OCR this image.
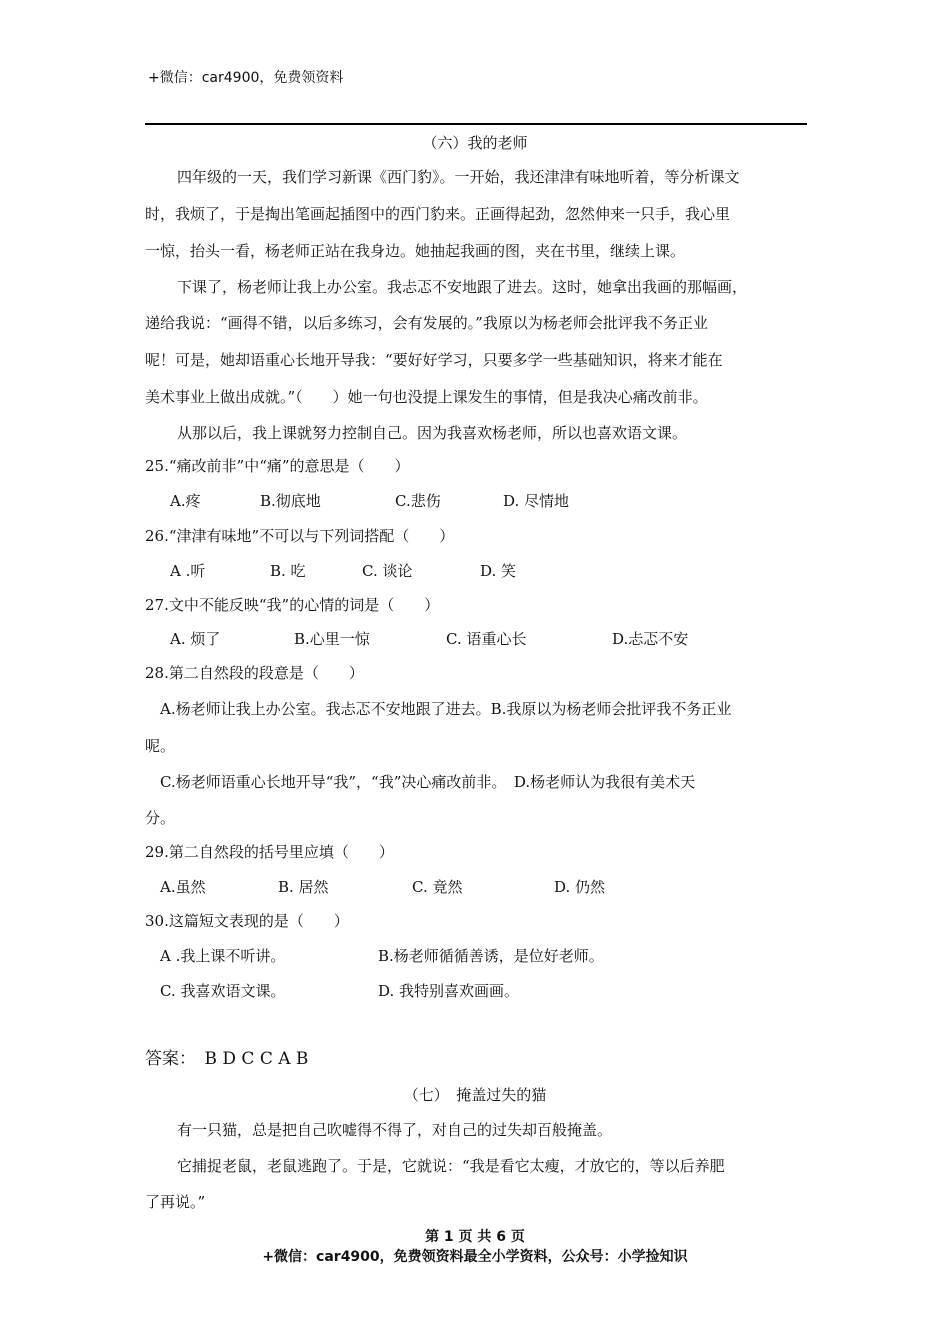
+微信：car4900，免费领资料
（六）我的老师
四年级的一天，我们学习新课《西门豹》。一开始，我还津津有味地听着，等分析课文
时，我烦了，于是掏出笔画起插图中的西门豹来。正画得起劲，忽然伸来一只手，我心里
一惊，抬头一看，杨老师正站在我身边。她抽起我画的图，夹在书里，继续上课。
下课了，杨老师让我上办公室。我忐忑不安地跟了进去。这时，她拿出我画的那幅画，
递给我说：“画得不错，以后多练习，会有发展的。”我原以为杨老师会批评我不务正业
呢！可是，她却语重心长地开导我：“要好好学习，只要多学一些基础知识，将来才能在
美术事业上做出成就。”（　　）她一句也没提上课发生的事情，但是我决心痛改前非。
从那以后，我上课就努力控制自己。因为我喜欢杨老师，所以也喜欢语文课。
25.“痛改前非”中“痛”的意思是（　　）
A.疼	B.彻底地	C.悲伤	D. 尽情地
26.“津津有味地”不可以与下列词搭配（　　）
A .听	B. 吃	C. 谈论	D. 笑
27.文中不能反映“我”的心情的词是（　　）
A. 烦了	B.心里一惊	C. 语重心长	D.忐忑不安
28.第二自然段的段意是（　　）
A.杨老师让我上办公室。我忐忑不安地跟了进去。B.我原以为杨老师会批评我不务正业
呢。
C.杨老师语重心长地开导“我”，“我”决心痛改前非。　D.杨老师认为我很有美术天
分。
29.第二自然段的括号里应填（　　）
A.虽然	B. 居然	C. 竟然	D. 仍然
30.这篇短文表现的是（　　）
A .我上课不听讲。	B.杨老师循循善诱，是位好老师。
C. 我喜欢语文课。	D. 我特别喜欢画画。
答案：　B D C C A B
（七）　掩盖过失的猫
有一只猫，总是把自己吹嘘得不得了，对自己的过失却百般掩盖。
它捕捉老鼠，老鼠逃跑了。于是，它就说：“我是看它太瘦，才放它的，等以后养肥
了再说。”
第 1 页 共 6 页
+微信：car4900，免费领资料最全小学资料，公众号：小学捡知识
